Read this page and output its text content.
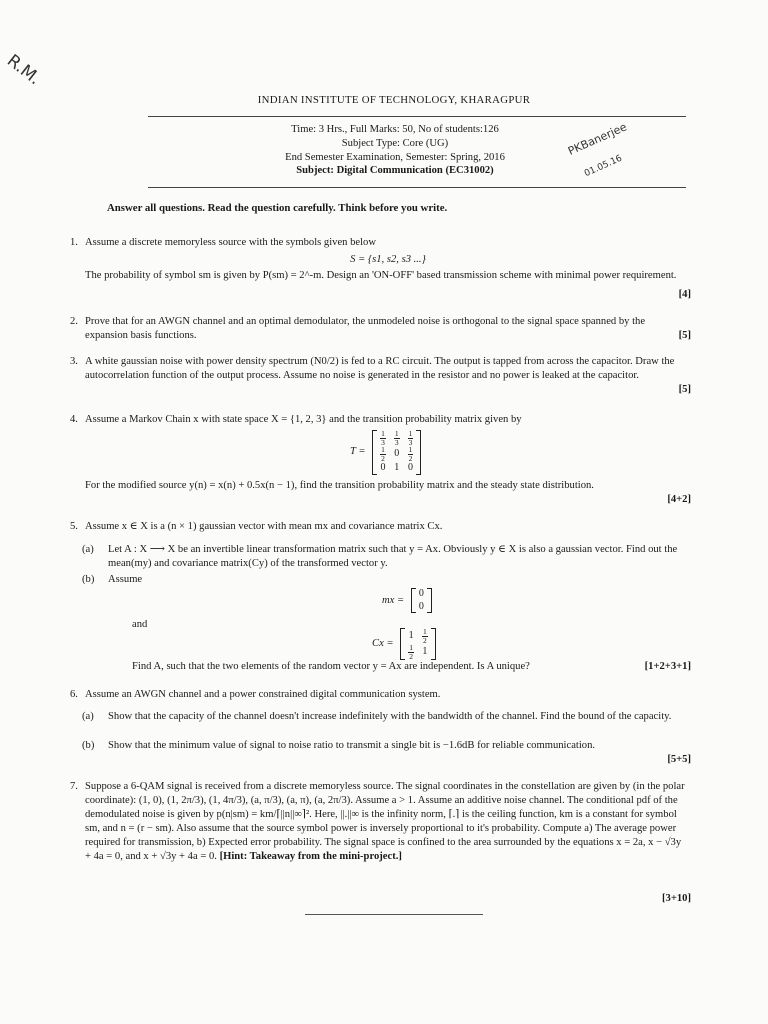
R.M.
PKBanerjee
01.05.16
INDIAN INSTITUTE OF TECHNOLOGY, KHARAGPUR
Time: 3 Hrs., Full Marks: 50, No of students:126
Subject Type: Core (UG)
End Semester Examination, Semester: Spring, 2016
Subject: Digital Communication (EC31002)
Answer all questions. Read the question carefully. Think before you write.
1. Assume a discrete memoryless source with the symbols given below
S = {s1, s2, s3 ...}
The probability of symbol sm is given by P(sm) = 2^-m. Design an 'ON-OFF' based transmission scheme with minimal power requirement.
[4]
2. Prove that for an AWGN channel and an optimal demodulator, the unmodeled noise is orthogonal to the signal space spanned by the expansion basis functions.	[5]
3. A white gaussian noise with power density spectrum (N0/2) is fed to a RC circuit. The output is tapped from across the capacitor. Draw the autocorrelation function of the output process. Assume no noise is generated in the resistor and no power is leaked at the capacitor.
[5]
4. Assume a Markov Chain x with state space X = {1, 2, 3} and the transition probability matrix given by
T =
$\frac{1}{3}$	$\frac{1}{3}$	$\frac{1}{3}$

$\frac{1}{2}$	0	$\frac{1}{2}$

0	1	0
For the modified source y(n) = x(n) + 0.5x(n − 1), find the transition probability matrix and the steady state distribution.
[4+2]
5. Assume x ∈ X is a (n × 1) gaussian vector with mean mx and covariance matrix Cx.
(a) Let A : X ⟶ X be an invertible linear transformation matrix such that y = Ax. Obviously y ∈ X is also a gaussian vector. Find out the mean(my) and covariance matrix(Cy) of the transformed vector y.
(b) Assume
mx =
0
0
and
Cx =
1	$\frac{1}{2}$

$\frac{1}{2}$	1
Find A, such that the two elements of the random vector y = Ax are independent. Is A unique?	[1+2+3+1]
6. Assume an AWGN channel and a power constrained digital communication system.
(a) Show that the capacity of the channel doesn't increase indefinitely with the bandwidth of the channel. Find the bound of the capacity.
(b) Show that the minimum value of signal to noise ratio to transmit a single bit is −1.6dB for reliable communication.
[5+5]
7. Suppose a 6-QAM signal is received from a discrete memoryless source. The signal coordinates in the constellation are given by (in the polar coordinate): (1, 0), (1, 2π/3), (1, 4π/3), (a, π/3), (a, π), (a, 2π/3). Assume a > 1. Assume an additive noise channel. The conditional pdf of the demodulated noise is given by p(n|sm) = km/⌈||n||∞⌉². Here, ||.||∞ is the infinity norm, ⌈.⌉ is the ceiling function, km is a constant for symbol sm, and n = (r − sm). Also assume that the source symbol power is inversely proportional to it's probability. Compute a) The average power required for transmission, b) Expected error probability. The signal space is confined to the area surrounded by the equations x = 2a, x − √3y + 4a = 0, and x + √3y + 4a = 0. [Hint: Takeaway from the mini-project.]
[3+10]
